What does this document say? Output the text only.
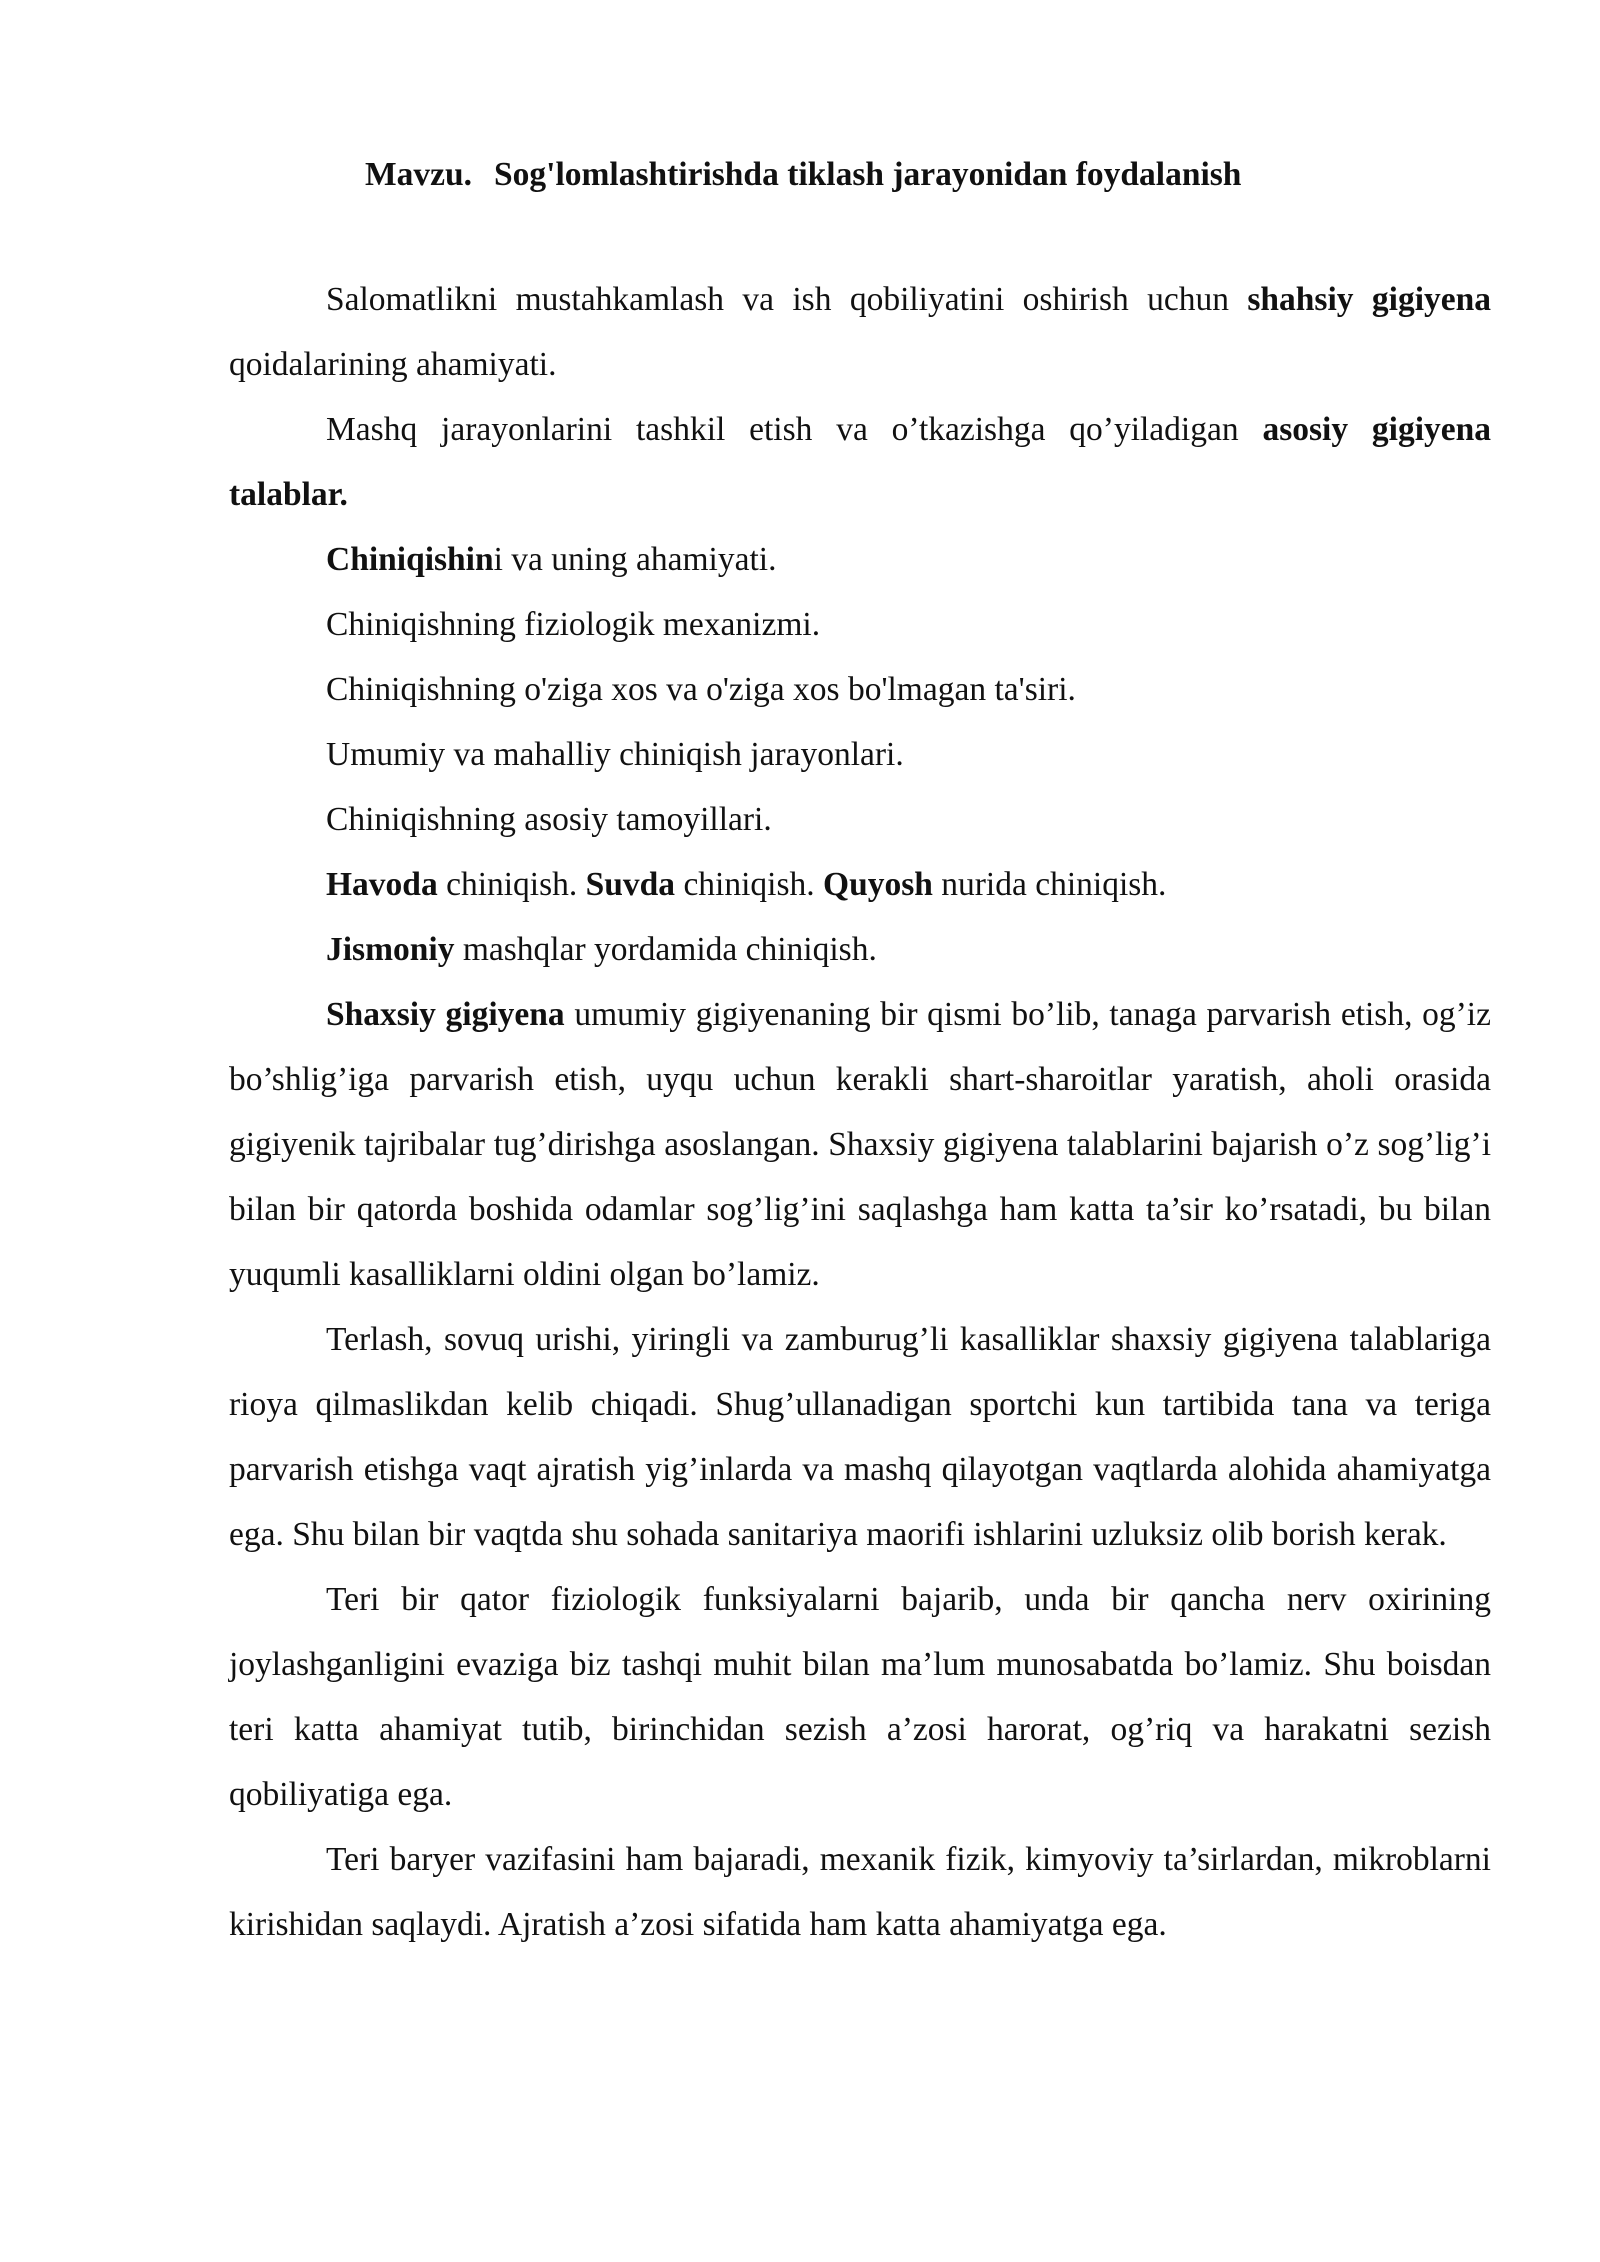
Mavzu. Sog'lomlashtirishda tiklash jarayonidan foydalanish

Salomatlikni mustahkamlash va ish qobiliyatini oshirish uchun shahsiy gigiyena qoidalarining ahamiyati.

Mashq jarayonlarini tashkil etish va o’tkazishga qo’yiladigan asosiy gigiyena talablar.

Chiniqishini va uning ahamiyati.

Chiniqishning fiziologik mexanizmi.

Chiniqishning o'ziga xos va o'ziga xos bo'lmagan ta'siri.

Umumiy va mahalliy chiniqish jarayonlari.

Chiniqishning asosiy tamoyillari.

Havoda chiniqish. Suvda chiniqish. Quyosh nurida chiniqish.

Jismoniy mashqlar yordamida chiniqish.

Shaxsiy gigiyena umumiy gigiyenaning bir qismi bo’lib, tanaga parvarish etish, og’iz bo’shlig’iga parvarish etish, uyqu uchun kerakli shart-sharoitlar yaratish, aholi orasida gigiyenik tajribalar tug’dirishga asoslangan. Shaxsiy gigiyena talablarini bajarish o’z sog’lig’i bilan bir qatorda boshida odamlar sog’lig’ini saqlashga ham katta ta’sir ko’rsatadi, bu bilan yuqumli kasalliklarni oldini olgan bo’lamiz.

Terlash, sovuq urishi, yiringli va zamburug’li kasalliklar shaxsiy gigiyena talablariga rioya qilmaslikdan kelib chiqadi. Shug’ullanadigan sportchi kun tartibida tana va teriga parvarish etishga vaqt ajratish yig’inlarda va mashq qilayotgan vaqtlarda alohida ahamiyatga ega. Shu bilan bir vaqtda shu sohada sanitariya maorifi ishlarini uzluksiz olib borish kerak.

Teri bir qator fiziologik funksiyalarni bajarib, unda bir qancha nerv oxirining joylashganligini evaziga biz tashqi muhit bilan ma’lum munosabatda bo’lamiz. Shu boisdan teri katta ahamiyat tutib, birinchidan sezish a’zosi harorat, og’riq va harakatni sezish qobiliyatiga ega.

Teri baryer vazifasini ham bajaradi, mexanik fizik, kimyoviy ta’sirlardan, mikroblarni kirishidan saqlaydi. Ajratish a’zosi sifatida ham katta ahamiyatga ega.
